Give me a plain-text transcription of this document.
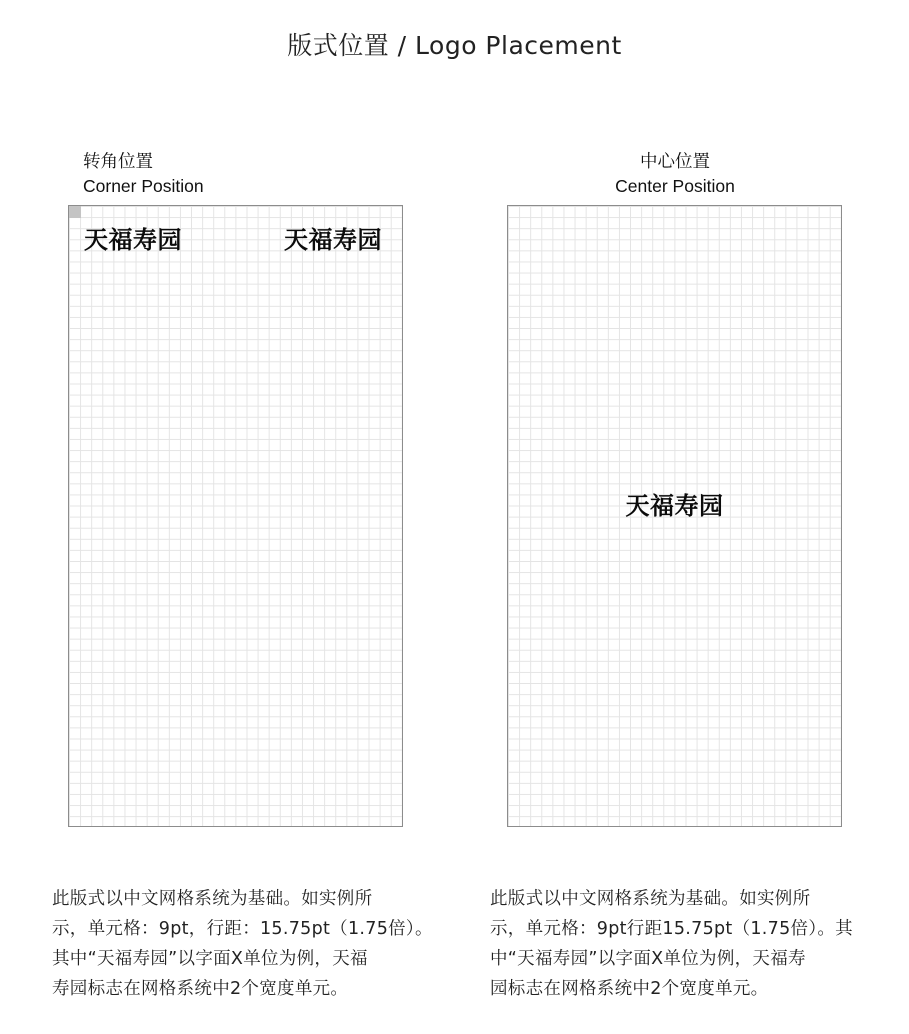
版式位置 / Logo Placement
转角位置
Corner Position
天福寿园	天福寿园
中心位置
Center Position
天福寿园
此版式以中文网格系统为基础。如实例所
示，单元格：9pt，行距：15.75pt（1.75倍）。
其中“天福寿园”以字面X单位为例，天福
寿园标志在网格系统中2个宽度单元。
此版式以中文网格系统为基础。如实例所
示，单元格：9pt行距15.75pt（1.75倍）。其
中“天福寿园”以字面X单位为例，天福寿
园标志在网格系统中2个宽度单元。
